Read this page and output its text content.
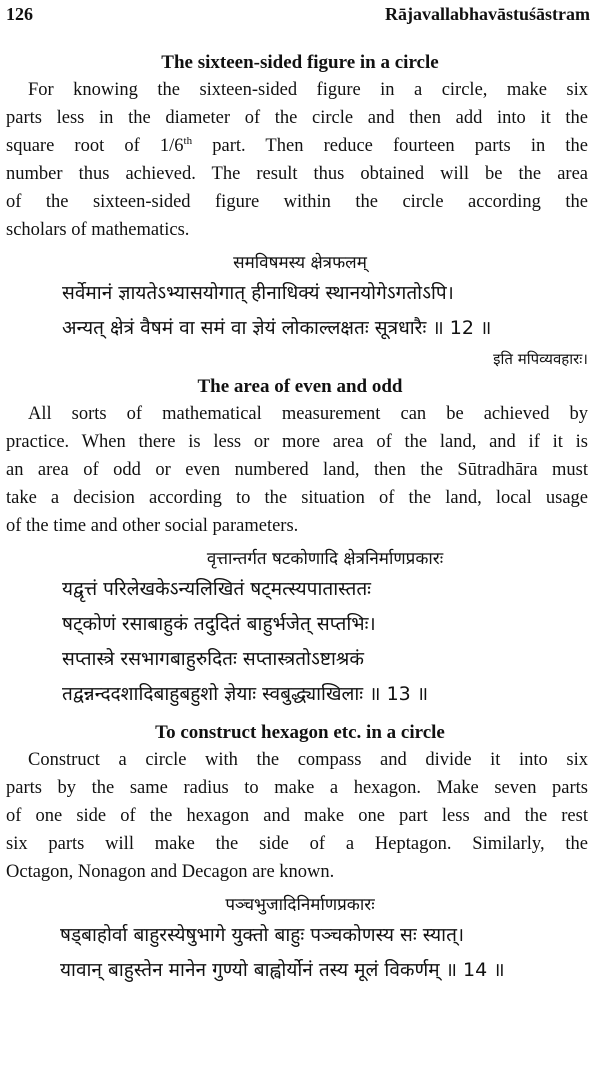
126	Rājavallabhavāstuśāstram
The sixteen-sided figure in a circle
For knowing the sixteen-sided figure in a circle, make six
parts less in the diameter of the circle and then add into it the
square root of 1/6th part. Then reduce fourteen parts in the
number thus achieved. The result thus obtained will be the area
of the sixteen-sided figure within the circle according the
scholars of mathematics.
समविषमस्य क्षेत्रफलम्
सर्वेमानं ज्ञायतेऽभ्यासयोगात् हीनाधिक्यं स्थानयोगेऽगतोऽपि।
अन्यत् क्षेत्रं वैषमं वा समं वा ज्ञेयं लोकाल्लक्षतः सूत्रधारैः ॥ 12 ॥
इति मपिव्यवहारः।
The area of even and odd
All sorts of mathematical measurement can be achieved by
practice. When there is less or more area of the land, and if it is
an area of odd or even numbered land, then the Sūtradhāra must
take a decision according to the situation of the land, local usage
of the time and other social parameters.
वृत्तान्तर्गत षटकोणादि क्षेत्रनिर्माणप्रकारः
यद्वृत्तं परिलेखकेऽन्यलिखितं षट्मत्स्यपातास्ततः
षट्कोणं रसाबाहुकं तदुदितं बाहुर्भजेत् सप्तभिः।
सप्तास्त्रे रसभागबाहुरुदितः सप्तास्त्रतोऽष्टाश्रकं
तद्वन्नन्ददशादिबाहुबहुशो ज्ञेयाः स्वबुद्ध्याखिलाः ॥ 13 ॥
To construct hexagon etc. in a circle
Construct a circle with the compass and divide it into six
parts by the same radius to make a hexagon. Make seven parts
of one side of the hexagon and make one part less and the rest
six parts will make the side of a Heptagon. Similarly, the
Octagon, Nonagon and Decagon are known.
पञ्चभुजादिनिर्माणप्रकारः
षड्बाहोर्वा बाहुरस्येषुभागे युक्तो बाहुः पञ्चकोणस्य सः स्यात्।
यावान् बाहुस्तेन मानेन गुण्यो बाह्वोर्योनं तस्य मूलं विकर्णम् ॥ 14 ॥
